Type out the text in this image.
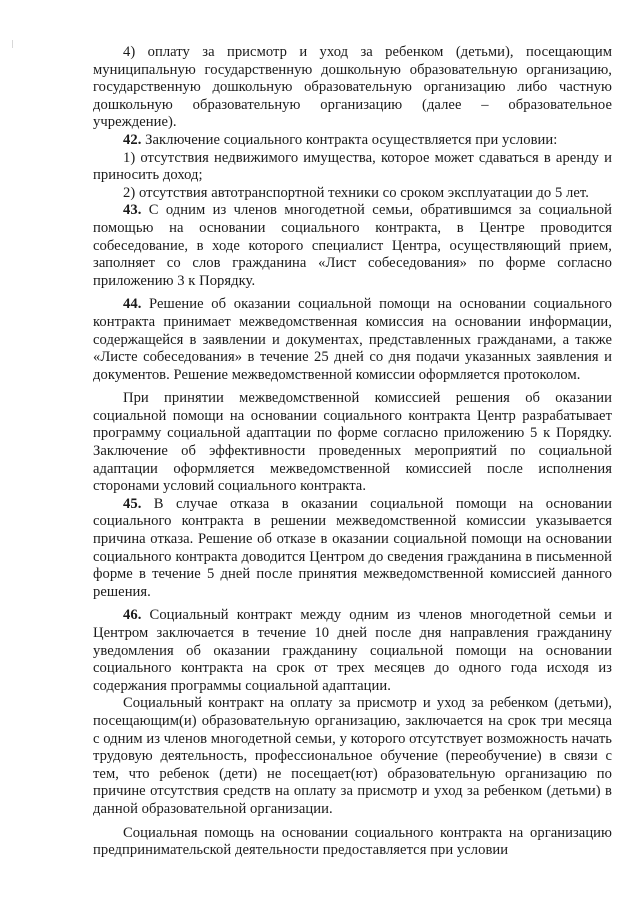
4) оплату за присмотр и уход за ребенком (детьми), посещающим муниципальную государственную дошкольную образовательную организацию, государственную дошкольную образовательную организацию либо частную дошкольную образовательную организацию (далее – образовательное учреждение).

42. Заключение социального контракта осуществляется при условии:

1) отсутствия недвижимого имущества, которое может сдаваться в аренду и приносить доход;

2) отсутствия автотранспортной техники со сроком эксплуатации до 5 лет.

43. С одним из членов многодетной семьи, обратившимся за социальной помощью на основании социального контракта, в Центре проводится собеседование, в ходе которого специалист Центра, осуществляющий прием, заполняет со слов гражданина «Лист собеседования» по форме согласно приложению 3 к Порядку.

44. Решение об оказании социальной помощи на основании социального контракта принимает межведомственная комиссия на основании информации, содержащейся в заявлении и документах, представленных гражданами, а также «Листе собеседования» в течение 25 дней со дня подачи указанных заявления и документов. Решение межведомственной комиссии оформляется протоколом.

При принятии межведомственной комиссией решения об оказании социальной помощи на основании социального контракта Центр разрабатывает программу социальной адаптации по форме согласно приложению 5 к Порядку. Заключение об эффективности проведенных мероприятий по социальной адаптации оформляется межведомственной комиссией после исполнения сторонами условий социального контракта.

45. В случае отказа в оказании социальной помощи на основании социального контракта в решении межведомственной комиссии указывается причина отказа. Решение об отказе в оказании социальной помощи на основании социального контракта доводится Центром до сведения гражданина в письменной форме в течение 5 дней после принятия межведомственной комиссией данного решения.

46. Социальный контракт между одним из членов многодетной семьи и Центром заключается в течение 10 дней после дня направления гражданину уведомления об оказании гражданину социальной помощи на основании социального контракта на срок от трех месяцев до одного года исходя из содержания программы социальной адаптации.

Социальный контракт на оплату за присмотр и уход за ребенком (детьми), посещающим(и) образовательную организацию, заключается на срок три месяца с одним из членов многодетной семьи, у которого отсутствует возможность начать трудовую деятельность, профессиональное обучение (переобучение) в связи с тем, что ребенок (дети) не посещает(ют) образовательную организацию по причине отсутствия средств на оплату за присмотр и уход за ребенком (детьми) в данной образовательной организации.

Социальная помощь на основании социального контракта на организацию предпринимательской деятельности предоставляется при условии
